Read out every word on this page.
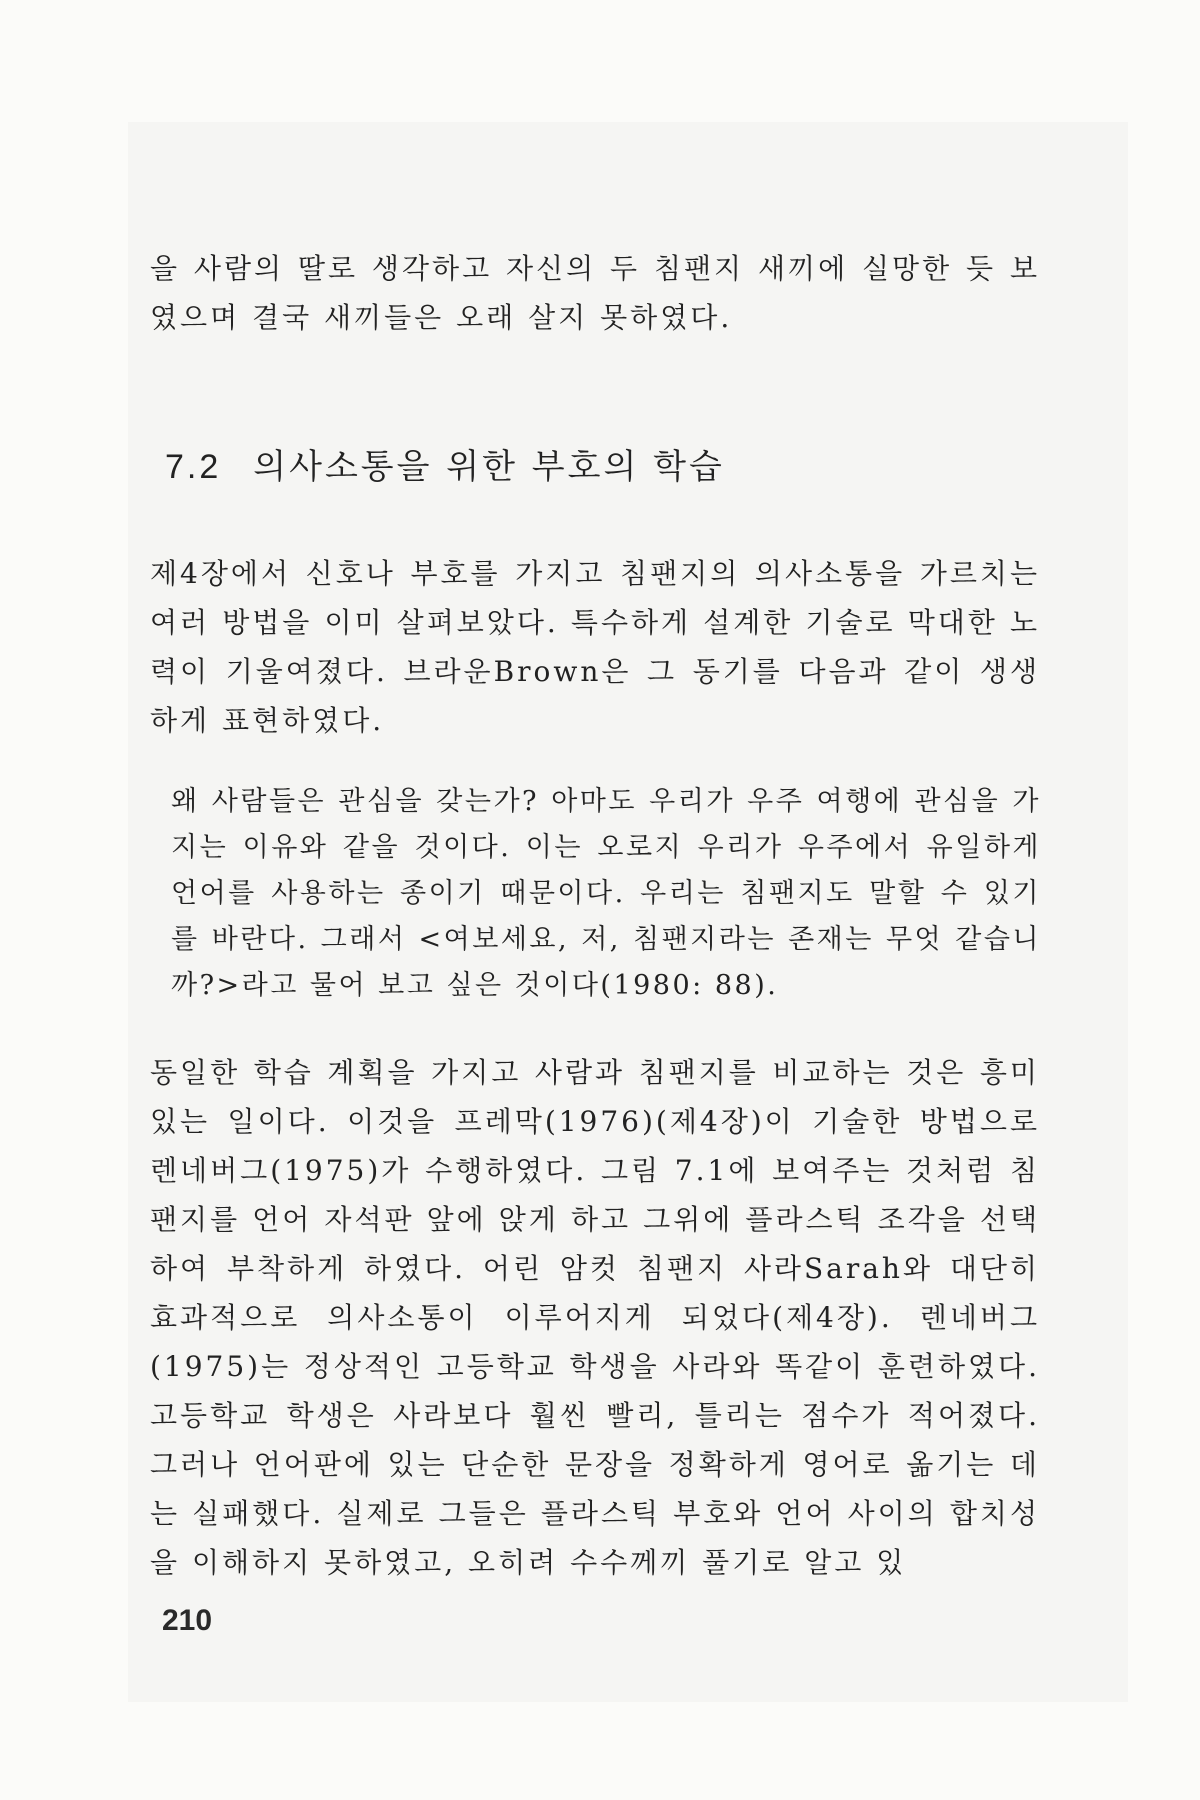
을 사람의 딸로 생각하고 자신의 두 침팬지 새끼에 실망한 듯 보였으며 결국 새끼들은 오래 살지 못하였다.

7.2 의사소통을 위한 부호의 학습

제4장에서 신호나 부호를 가지고 침팬지의 의사소통을 가르치는 여러 방법을 이미 살펴보았다. 특수하게 설계한 기술로 막대한 노력이 기울여졌다. 브라운Brown은 그 동기를 다음과 같이 생생하게 표현하였다.

왜 사람들은 관심을 갖는가? 아마도 우리가 우주 여행에 관심을 가지는 이유와 같을 것이다. 이는 오로지 우리가 우주에서 유일하게 언어를 사용하는 종이기 때문이다. 우리는 침팬지도 말할 수 있기를 바란다. 그래서 <여보세요, 저, 침팬지라는 존재는 무엇 같습니까?>라고 물어 보고 싶은 것이다(1980: 88).

동일한 학습 계획을 가지고 사람과 침팬지를 비교하는 것은 흥미있는 일이다. 이것을 프레막(1976)(제4장)이 기술한 방법으로 렌네버그(1975)가 수행하였다. 그림 7.1에 보여주는 것처럼 침팬지를 언어 자석판 앞에 앉게 하고 그위에 플라스틱 조각을 선택하여 부착하게 하였다. 어린 암컷 침팬지 사라Sarah와 대단히 효과적으로 의사소통이 이루어지게 되었다(제4장). 렌네버그(1975)는 정상적인 고등학교 학생을 사라와 똑같이 훈련하였다. 고등학교 학생은 사라보다 훨씬 빨리, 틀리는 점수가 적어졌다. 그러나 언어판에 있는 단순한 문장을 정확하게 영어로 옮기는 데는 실패했다. 실제로 그들은 플라스틱 부호와 언어 사이의 합치성을 이해하지 못하였고, 오히려 수수께끼 풀기로 알고 있

210
